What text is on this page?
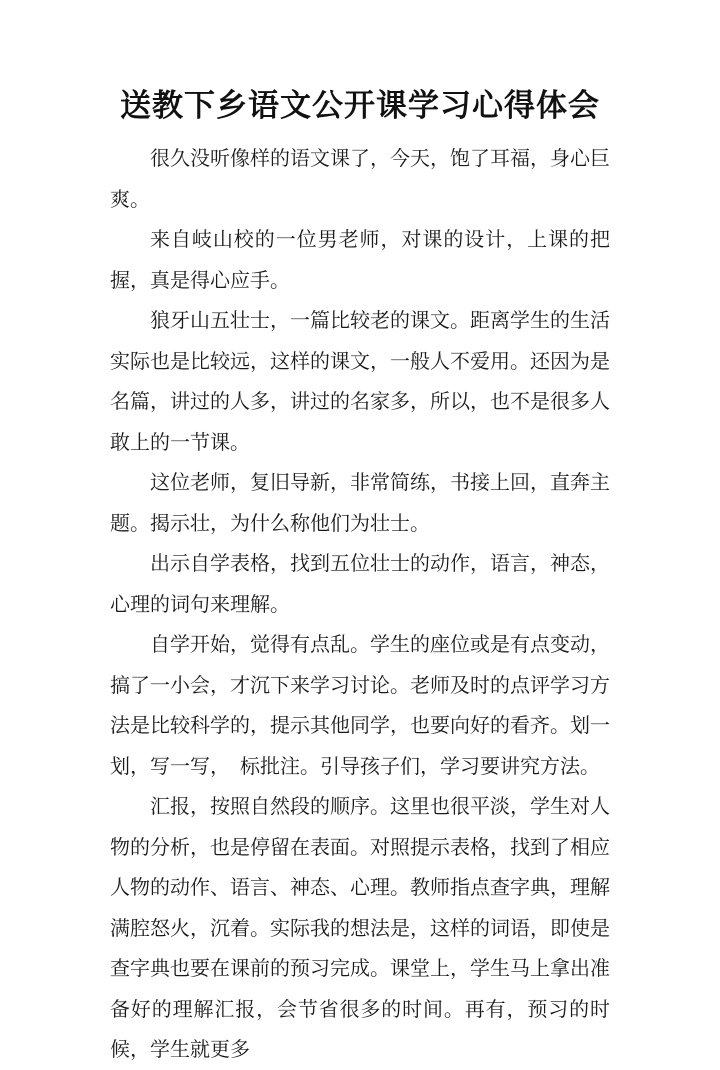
送教下乡语文公开课学习心得体会

很久没听像样的语文课了，今天，饱了耳福，身心巨爽。

来自岐山校的一位男老师，对课的设计，上课的把握，真是得心应手。

狼牙山五壮士，一篇比较老的课文。距离学生的生活实际也是比较远，这样的课文，一般人不爱用。还因为是名篇，讲过的人多，讲过的名家多，所以，也不是很多人敢上的一节课。

这位老师，复旧导新，非常简练，书接上回，直奔主题。揭示壮，为什么称他们为壮士。

出示自学表格，找到五位壮士的动作，语言，神态，心理的词句来理解。

自学开始，觉得有点乱。学生的座位或是有点变动，搞了一小会，才沉下来学习讨论。老师及时的点评学习方法是比较科学的，提示其他同学，也要向好的看齐。划一划，写一写，　标批注。引导孩子们，学习要讲究方法。

汇报，按照自然段的顺序。这里也很平淡，学生对人物的分析，也是停留在表面。对照提示表格，找到了相应人物的动作、语言、神态、心理。教师指点查字典，理解满腔怒火，沉着。实际我的想法是，这样的词语，即使是查字典也要在课前的预习完成。课堂上，学生马上拿出准备好的理解汇报，会节省很多的时间。再有，预习的时候，学生就更多
